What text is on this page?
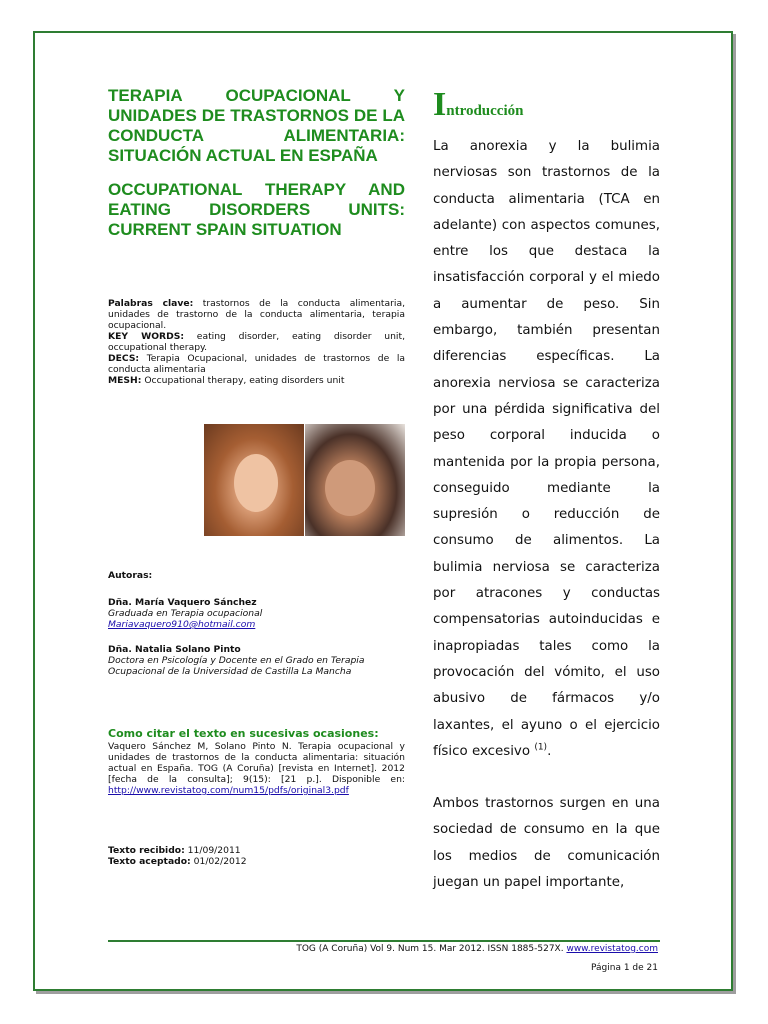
TERAPIA OCUPACIONAL Y UNIDADES DE TRASTORNOS DE LA CONDUCTA ALIMENTARIA: SITUACIÓN ACTUAL EN ESPAÑA
OCCUPATIONAL THERAPY AND EATING DISORDERS UNITS: CURRENT SPAIN SITUATION

Palabras clave: trastornos de la conducta alimentaria, unidades de trastorno de la conducta alimentaria, terapia ocupacional.

KEY WORDS: eating disorder, eating disorder unit, occupational therapy.

DECS: Terapia Ocupacional, unidades de trastornos de la conducta alimentaria

MESH: Occupational therapy, eating disorders unit

Autoras:

Dña. María Vaquero Sánchez

Graduada en Terapia ocupacional

Mariavaquero910@hotmail.com

Dña. Natalia Solano Pinto

Doctora en Psicología y Docente en el Grado en Terapia Ocupacional de la Universidad de Castilla La Mancha

Como citar el texto en sucesivas ocasiones:

Vaquero Sánchez M, Solano Pinto N. Terapia ocupacional y unidades de trastornos de la conducta alimentaria: situación actual en España. TOG (A Coruña) [revista en Internet]. 2012 [fecha de la consulta]; 9(15): [21 p.]. Disponible en: http://www.revistatog.com/num15/pdfs/original3.pdf

Texto recibido: 11/09/2011

Texto aceptado: 01/02/2012

Introducción

La anorexia y la bulimia nerviosas son trastornos de la conducta alimentaria (TCA en adelante) con aspectos comunes, entre los que destaca la insatisfacción corporal y el miedo a aumentar de peso. Sin embargo, también presentan diferencias específicas. La anorexia nerviosa se caracteriza por una pérdida significativa del peso corporal inducida o mantenida por la propia persona, conseguido mediante la supresión o reducción de consumo de alimentos. La bulimia nerviosa se caracteriza por atracones y conductas compensatorias autoinducidas e inapropiadas tales como la provocación del vómito, el uso abusivo de fármacos y/o laxantes, el ayuno o el ejercicio físico excesivo $^{(1)}$.

Ambos trastornos surgen en una sociedad de consumo en la que los medios de comunicación juegan un papel importante,

TOG (A Coruña) Vol 9. Num 15. Mar 2012. ISSN 1885-527X. www.revistatog.com
Página 1 de 21
